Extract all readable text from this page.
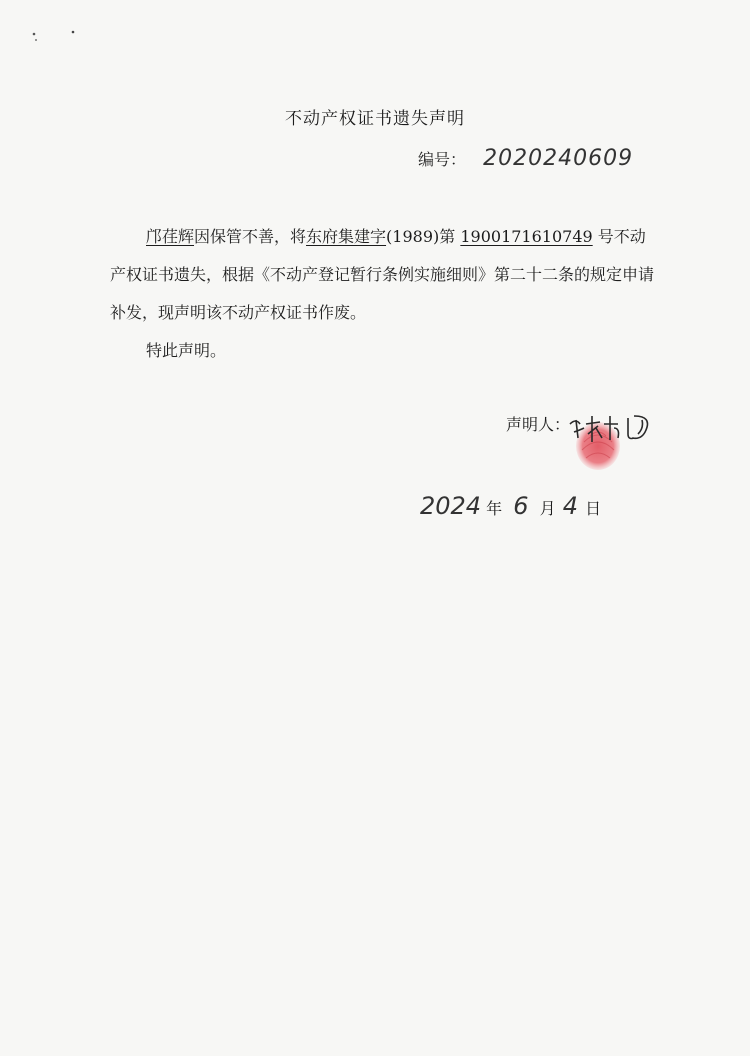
不动产权证书遗失声明
编号： 2020240609

邝荏辉因保管不善，将东府集建字(1989)第 1900171610749 号不动产权证书遗失，根据《不动产登记暂行条例实施细则》第二十二条的规定申请补发，现声明该不动产权证书作废。

特此声明。

声明人：
2024 年 6 月 4 日
